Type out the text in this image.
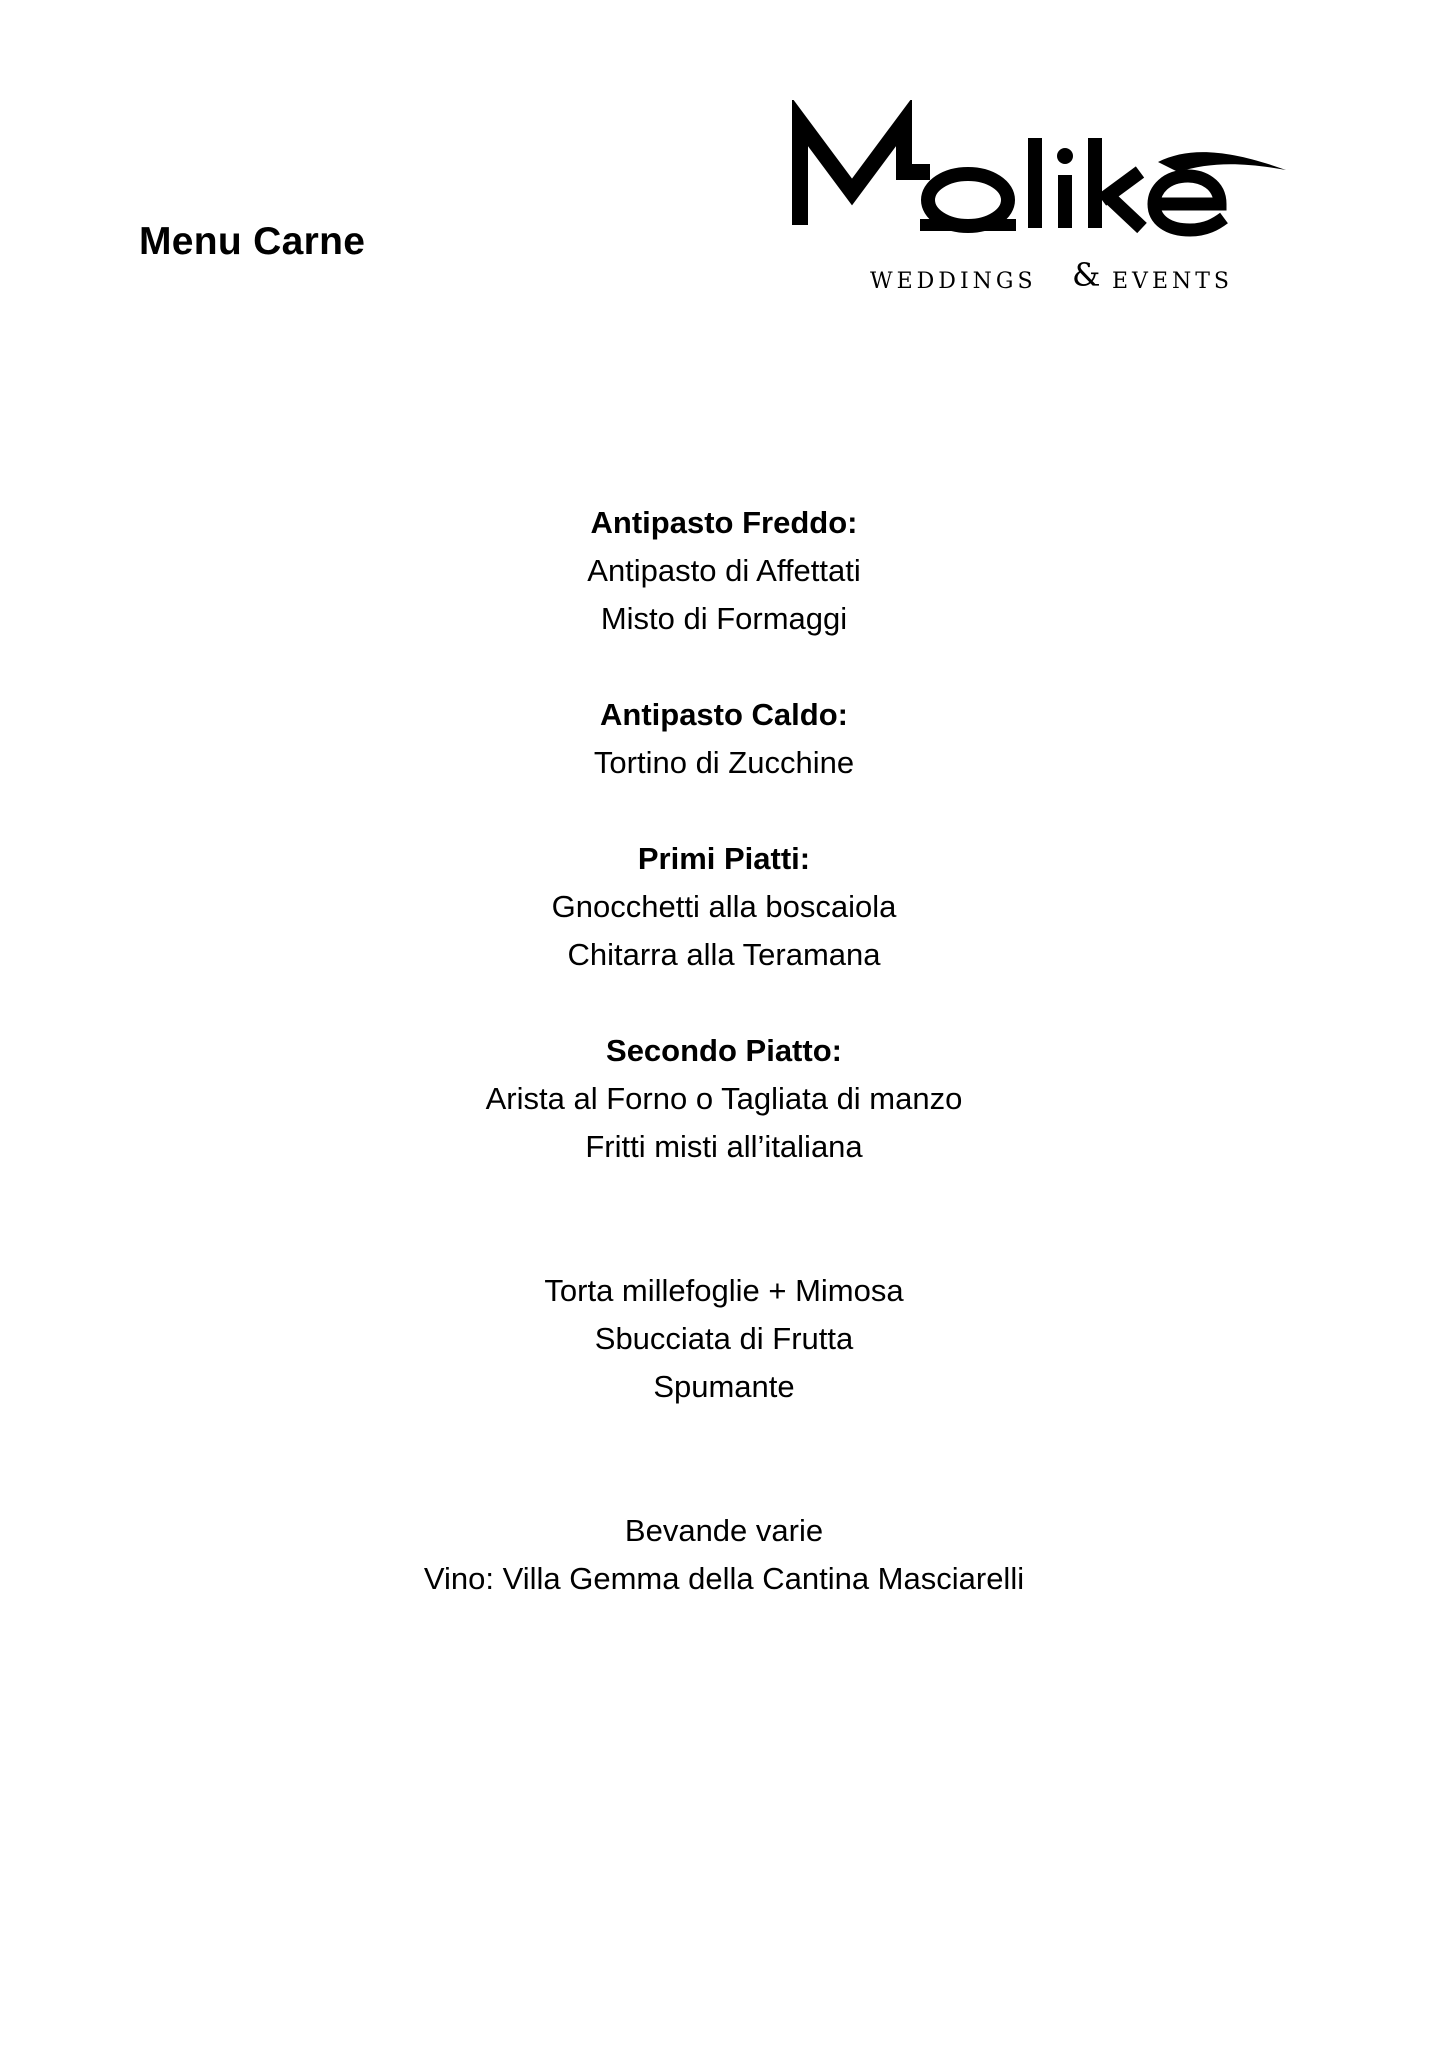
Menu Carne
WEDDINGS & EVENTS
Antipasto Freddo:
Antipasto di Affettati
Misto di Formaggi
Antipasto Caldo:
Tortino di Zucchine
Primi Piatti:
Gnocchetti alla boscaiola
Chitarra alla Teramana
Secondo Piatto:
Arista al Forno o Tagliata di manzo
Fritti misti all’italiana
Torta millefoglie + Mimosa
Sbucciata di Frutta
Spumante
Bevande varie
Vino: Villa Gemma della Cantina Masciarelli
